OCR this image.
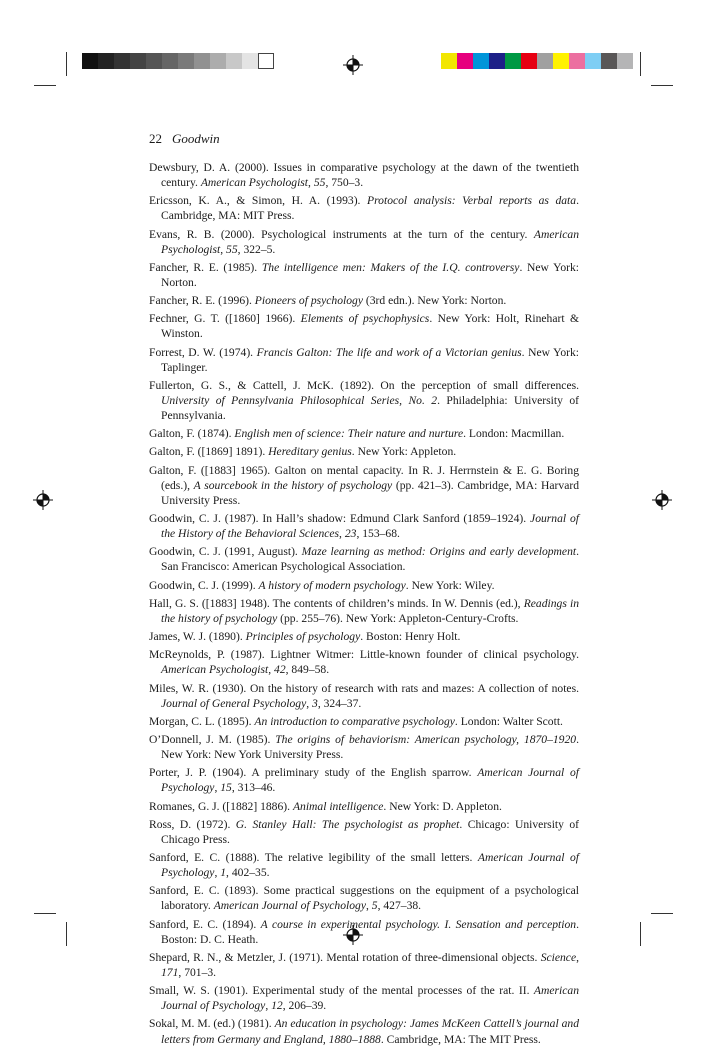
22 Goodwin

Dewsbury, D. A. (2000). Issues in comparative psychology at the dawn of the twentieth century. American Psychologist, 55, 750–3.

Ericsson, K. A., & Simon, H. A. (1993). Protocol analysis: Verbal reports as data. Cambridge, MA: MIT Press.

Evans, R. B. (2000). Psychological instruments at the turn of the century. American Psychologist, 55, 322–5.

Fancher, R. E. (1985). The intelligence men: Makers of the I.Q. controversy. New York: Norton.

Fancher, R. E. (1996). Pioneers of psychology (3rd edn.). New York: Norton.

Fechner, G. T. ([1860] 1966). Elements of psychophysics. New York: Holt, Rinehart & Winston.

Forrest, D. W. (1974). Francis Galton: The life and work of a Victorian genius. New York: Taplinger.

Fullerton, G. S., & Cattell, J. McK. (1892). On the perception of small differences. University of Pennsylvania Philosophical Series, No. 2. Philadelphia: University of Pennsylvania.

Galton, F. (1874). English men of science: Their nature and nurture. London: Macmillan.

Galton, F. ([1869] 1891). Hereditary genius. New York: Appleton.

Galton, F. ([1883] 1965). Galton on mental capacity. In R. J. Herrnstein & E. G. Boring (eds.), A sourcebook in the history of psychology (pp. 421–3). Cambridge, MA: Harvard University Press.

Goodwin, C. J. (1987). In Hall’s shadow: Edmund Clark Sanford (1859–1924). Journal of the History of the Behavioral Sciences, 23, 153–68.

Goodwin, C. J. (1991, August). Maze learning as method: Origins and early development. San Francisco: American Psychological Association.

Goodwin, C. J. (1999). A history of modern psychology. New York: Wiley.

Hall, G. S. ([1883] 1948). The contents of children’s minds. In W. Dennis (ed.), Readings in the history of psychology (pp. 255–76). New York: Appleton-Century-Crofts.

James, W. J. (1890). Principles of psychology. Boston: Henry Holt.

McReynolds, P. (1987). Lightner Witmer: Little-known founder of clinical psychology. American Psychologist, 42, 849–58.

Miles, W. R. (1930). On the history of research with rats and mazes: A collection of notes. Journal of General Psychology, 3, 324–37.

Morgan, C. L. (1895). An introduction to comparative psychology. London: Walter Scott.

O’Donnell, J. M. (1985). The origins of behaviorism: American psychology, 1870–1920. New York: New York University Press.

Porter, J. P. (1904). A preliminary study of the English sparrow. American Journal of Psychology, 15, 313–46.

Romanes, G. J. ([1882] 1886). Animal intelligence. New York: D. Appleton.

Ross, D. (1972). G. Stanley Hall: The psychologist as prophet. Chicago: University of Chicago Press.

Sanford, E. C. (1888). The relative legibility of the small letters. American Journal of Psychology, 1, 402–35.

Sanford, E. C. (1893). Some practical suggestions on the equipment of a psychological laboratory. American Journal of Psychology, 5, 427–38.

Sanford, E. C. (1894). A course in experimental psychology. I. Sensation and perception. Boston: D. C. Heath.

Shepard, R. N., & Metzler, J. (1971). Mental rotation of three-dimensional objects. Science, 171, 701–3.

Small, W. S. (1901). Experimental study of the mental processes of the rat. II. American Journal of Psychology, 12, 206–39.

Sokal, M. M. (ed.) (1981). An education in psychology: James McKeen Cattell’s journal and letters from Germany and England, 1880–1888. Cambridge, MA: The MIT Press.
